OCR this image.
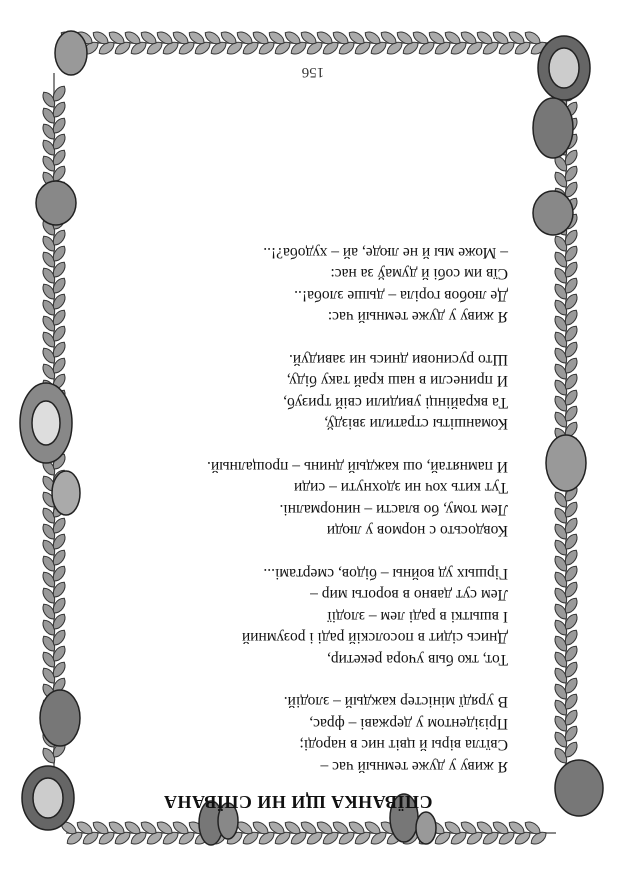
СПЇВАНКА ЩИ НИ СПЇВАНА
Я живу у дуже темный час –
Свїтла віры й цвіт нис в народі;
Прізідентом у державі – фрас,
В урядї міністер каждый – злодій.
Тот, тко быв учора рекетир,
Днись сідит в посолскій раді і розумний
І вшыткі в раді лем – злодії
Лем сут давно в ворогы мир –
Гіршых уд войны – бідов, смертамі...
Ковдосьто с нормов у люди
Лем тому, бо власти – нинормалні.
Тут кить хоч ни здохнути – сиди
И памнятай, ош каждый днинь – прощалный.
Команшіты стратили звіздў,
Та вкрайінці увидили свій тризуб,
И принесли в наш край таку біду,
Што русинови днись ни завидуй.
Я живу у дуже темный час:
Де любов горіла – дыше злоба!..
Сїв им собі й думаў за нас:
– Може мы й не люде, ай – худоба?!..
156
